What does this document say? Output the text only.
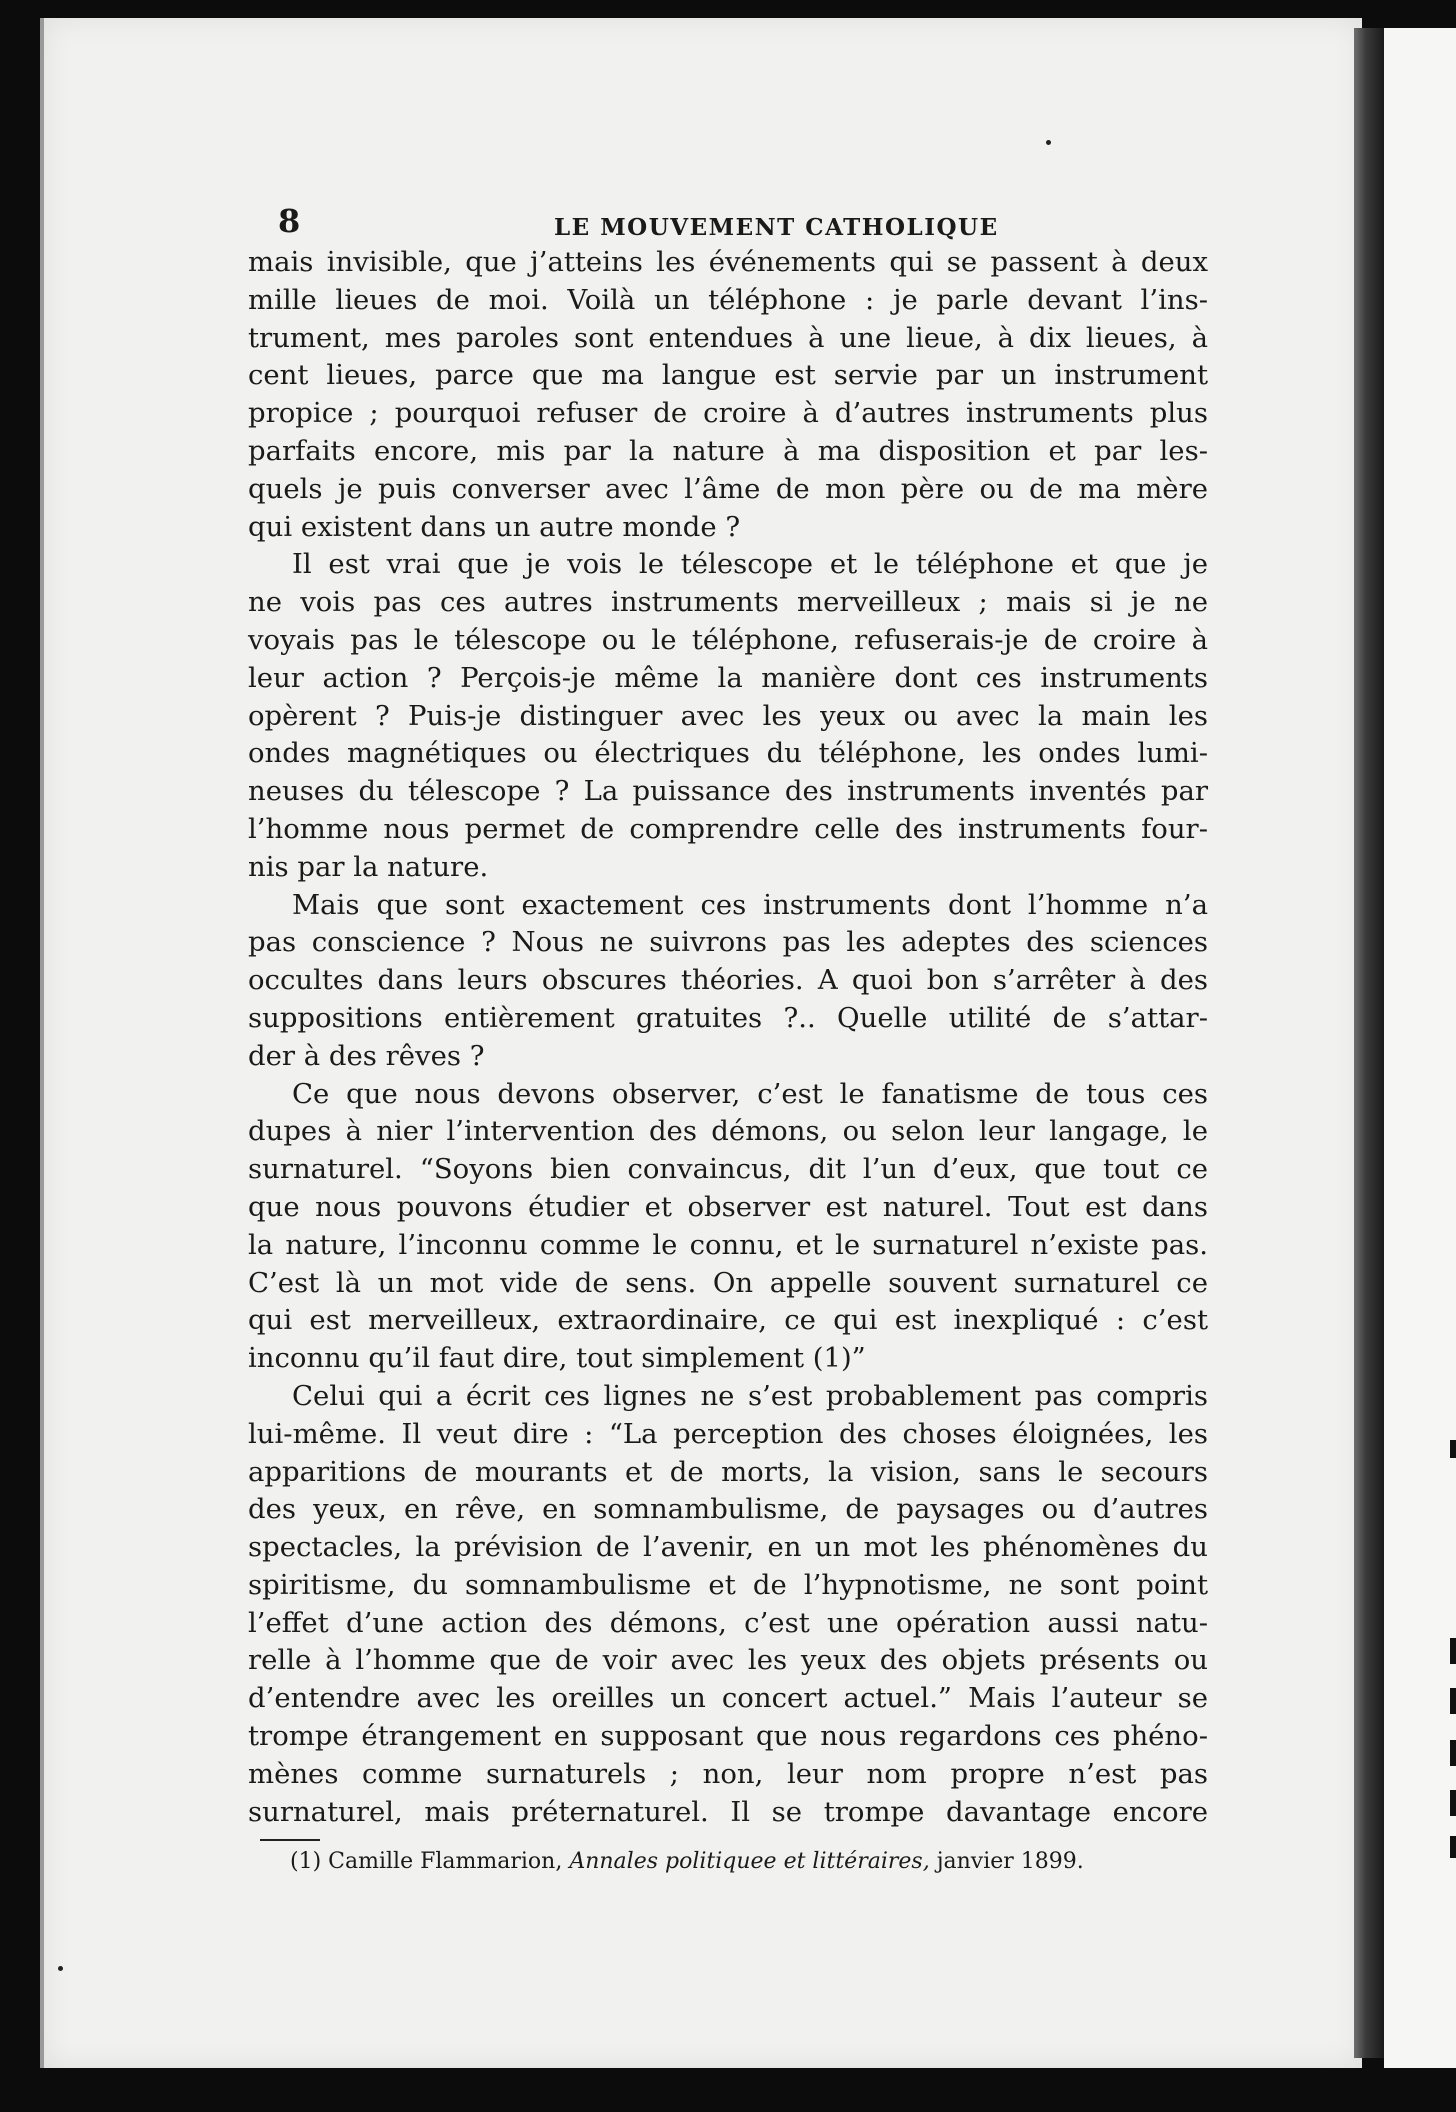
8	LE MOUVEMENT CATHOLIQUE

mais invisible, que j’atteins les événements qui se passent à deux
mille lieues de moi. Voilà un téléphone : je parle devant l’ins-
trument, mes paroles sont entendues à une lieue, à dix lieues, à
cent lieues, parce que ma langue est servie par un instrument
propice ; pourquoi refuser de croire à d’autres instruments plus
parfaits encore, mis par la nature à ma disposition et par les-
quels je puis converser avec l’âme de mon père ou de ma mère
qui existent dans un autre monde ?

Il est vrai que je vois le télescope et le téléphone et que je
ne vois pas ces autres instruments merveilleux ; mais si je ne
voyais pas le télescope ou le téléphone, refuserais-je de croire à
leur action ? Perçois-je même la manière dont ces instruments
opèrent ? Puis-je distinguer avec les yeux ou avec la main les
ondes magnétiques ou électriques du téléphone, les ondes lumi-
neuses du télescope ? La puissance des instruments inventés par
l’homme nous permet de comprendre celle des instruments four-
nis par la nature.

Mais que sont exactement ces instruments dont l’homme n’a
pas conscience ? Nous ne suivrons pas les adeptes des sciences
occultes dans leurs obscures théories. A quoi bon s’arrêter à des
suppositions entièrement gratuites ?.. Quelle utilité de s’attar-
der à des rêves ?

Ce que nous devons observer, c’est le fanatisme de tous ces
dupes à nier l’intervention des démons, ou selon leur langage, le
surnaturel. “Soyons bien convaincus, dit l’un d’eux, que tout ce
que nous pouvons étudier et observer est naturel. Tout est dans
la nature, l’inconnu comme le connu, et le surnaturel n’existe pas.
C’est là un mot vide de sens. On appelle souvent surnaturel ce
qui est merveilleux, extraordinaire, ce qui est inexpliqué : c’est
inconnu qu’il faut dire, tout simplement (1)”

Celui qui a écrit ces lignes ne s’est probablement pas compris
lui-même. Il veut dire : “La perception des choses éloignées, les
apparitions de mourants et de morts, la vision, sans le secours
des yeux, en rêve, en somnambulisme, de paysages ou d’autres
spectacles, la prévision de l’avenir, en un mot les phénomènes du
spiritisme, du somnambulisme et de l’hypnotisme, ne sont point
l’effet d’une action des démons, c’est une opération aussi natu-
relle à l’homme que de voir avec les yeux des objets présents ou
d’entendre avec les oreilles un concert actuel.” Mais l’auteur se
trompe étrangement en supposant que nous regardons ces phéno-
mènes comme surnaturels ; non, leur nom propre n’est pas
surnaturel, mais préternaturel. Il se trompe davantage encore

(1) Camille Flammarion, Annales politiquee et littéraires, janvier 1899.
